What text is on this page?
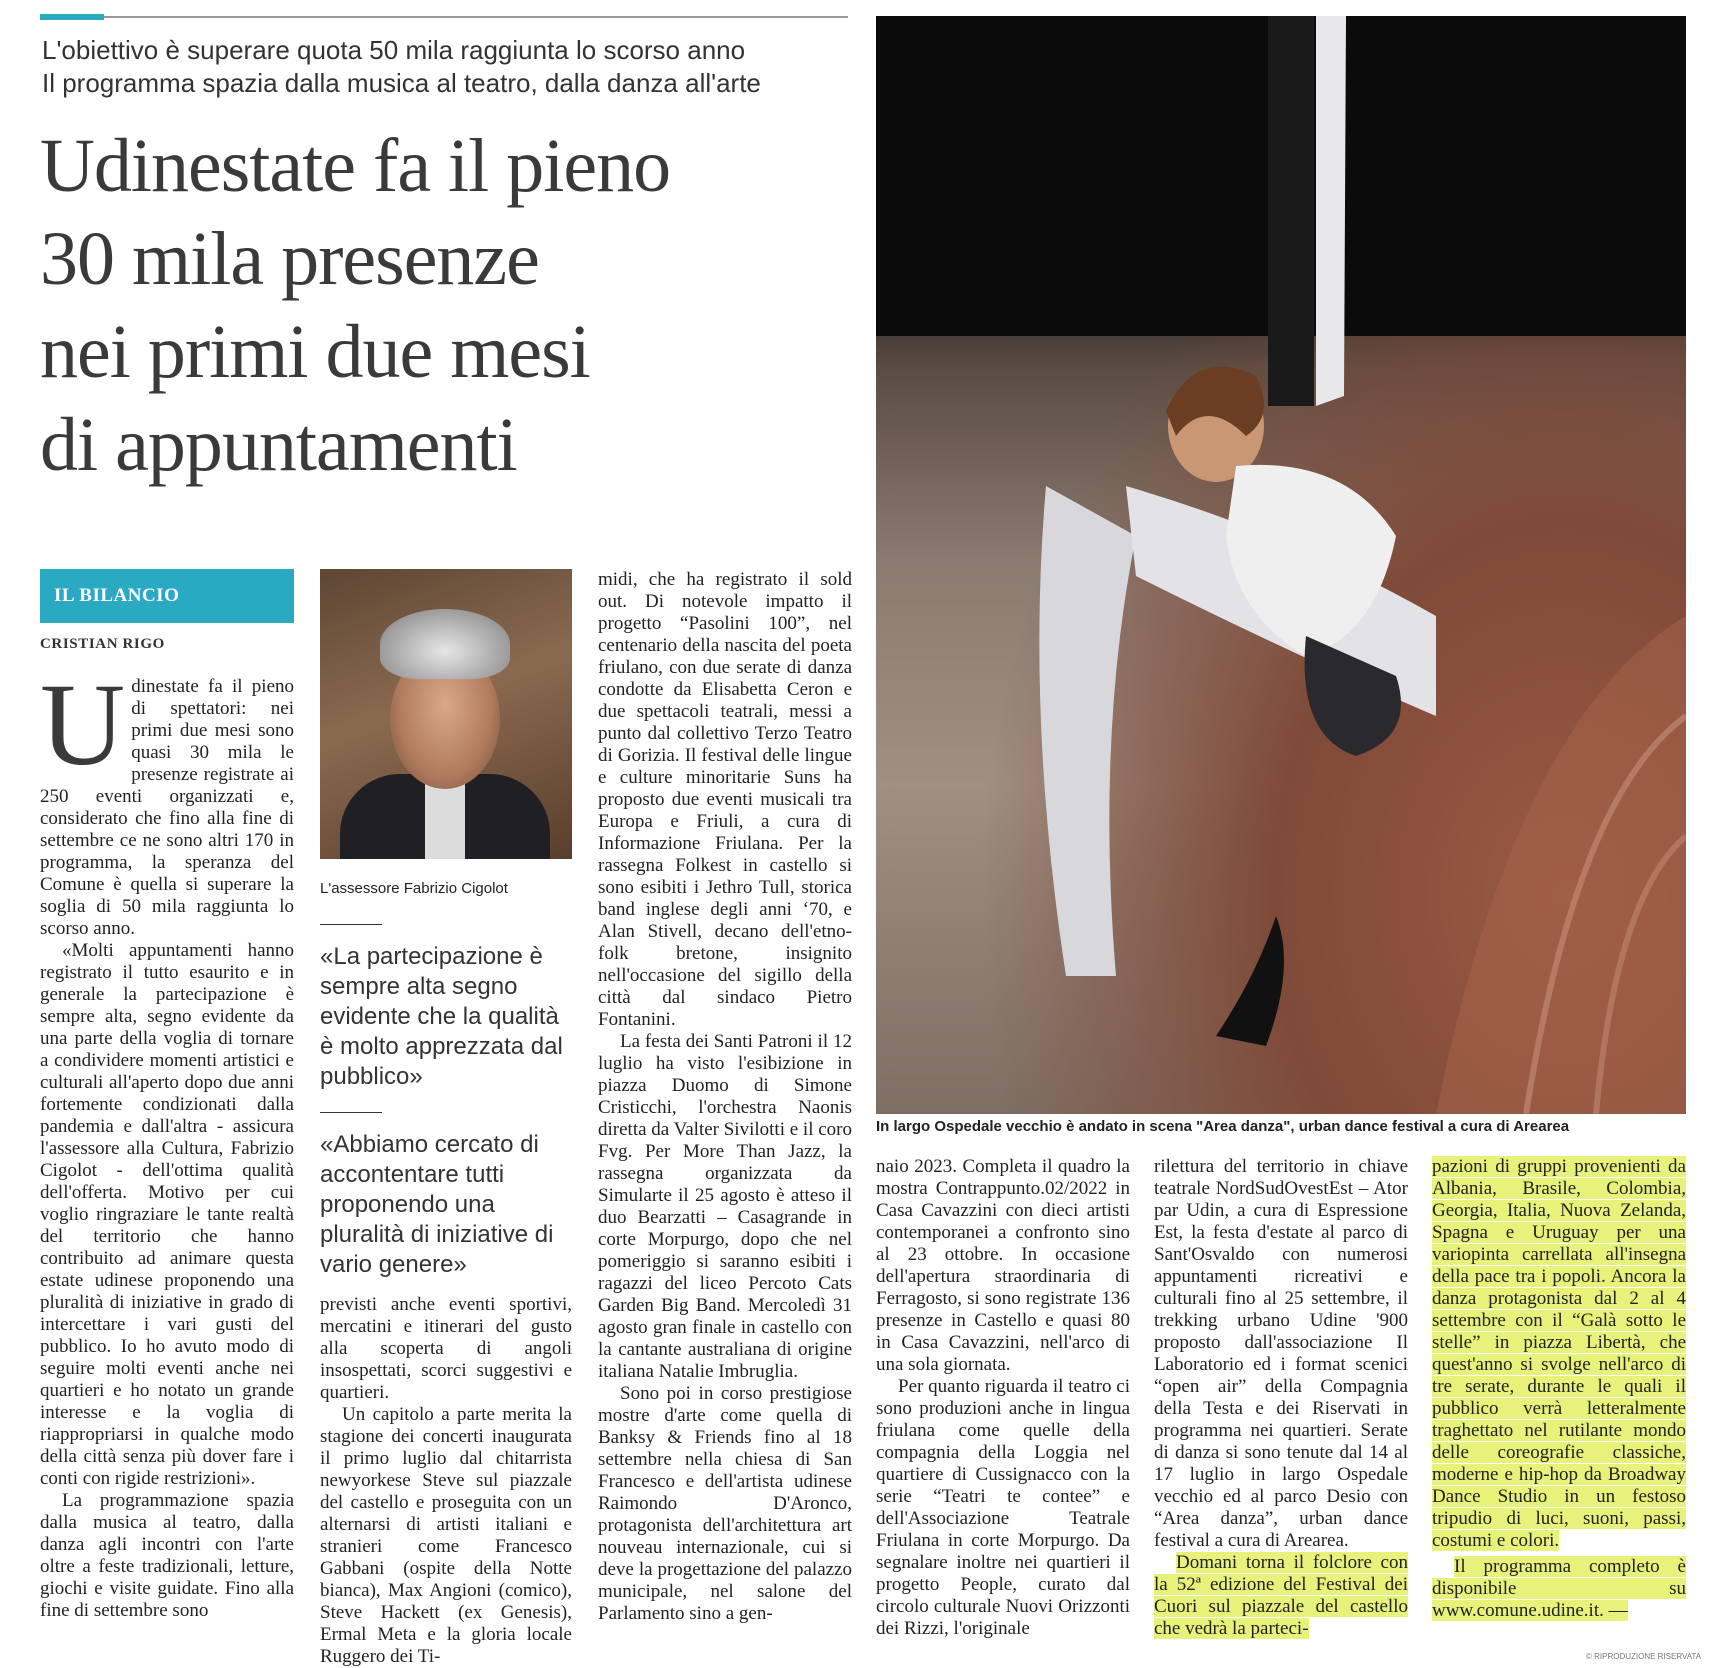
L'obiettivo è superare quota 50 mila raggiunta lo scorso anno
Il programma spazia dalla musica al teatro, dalla danza all'arte
Udinestate fa il pieno
30 mila presenze
nei primi due mesi
di appuntamenti
IL BILANCIO
CRISTIAN RIGO

Udinestate fa il pieno di spettatori: nei primi due mesi sono quasi 30 mila le presenze registrate ai 250 eventi organizzati e, considerato che fino alla fine di settembre ce ne sono altri 170 in programma, la speranza del Comune è quella si superare la soglia di 50 mila raggiunta lo scorso anno.

«Molti appuntamenti hanno registrato il tutto esaurito e in generale la partecipazione è sempre alta, segno evidente da una parte della voglia di tornare a condividere momenti artistici e culturali all'aperto dopo due anni fortemente condizionati dalla pandemia e dall'altra - assicura l'assessore alla Cultura, Fabrizio Cigolot - dell'ottima qualità dell'offerta. Motivo per cui voglio ringraziare le tante realtà del territorio che hanno contribuito ad animare questa estate udinese proponendo una pluralità di iniziative in grado di intercettare i vari gusti del pubblico. Io ho avuto modo di seguire molti eventi anche nei quartieri e ho notato un grande interesse e la voglia di riappropriarsi in qualche modo della città senza più dover fare i conti con rigide restrizioni».

La programmazione spazia dalla musica al teatro, dalla danza agli incontri con l'arte oltre a feste tradizionali, letture, giochi e visite guidate. Fino alla fine di settembre sono

L'assessore Fabrizio Cigolot
«La partecipazione è sempre alta segno evidente che la qualità è molto apprezzata dal pubblico»
«Abbiamo cercato di accontentare tutti proponendo una pluralità di iniziative di vario genere»

previsti anche eventi sportivi, mercatini e itinerari del gusto alla scoperta di angoli insospettati, scorci suggestivi e quartieri.

Un capitolo a parte merita la stagione dei concerti inaugurata il primo luglio dal chitarrista newyorkese Steve sul piazzale del castello e proseguita con un alternarsi di artisti italiani e stranieri come Francesco Gabbani (ospite della Notte bianca), Max Angioni (comico), Steve Hackett (ex Genesis), Ermal Meta e la gloria locale Ruggero dei Ti-

midi, che ha registrato il sold out. Di notevole impatto il progetto “Pasolini 100”, nel centenario della nascita del poeta friulano, con due serate di danza condotte da Elisabetta Ceron e due spettacoli teatrali, messi a punto dal collettivo Terzo Teatro di Gorizia. Il festival delle lingue e culture minoritarie Suns ha proposto due eventi musicali tra Europa e Friuli, a cura di Informazione Friulana. Per la rassegna Folkest in castello si sono esibiti i Jethro Tull, storica band inglese degli anni ‘70, e Alan Stivell, decano dell'etno-folk bretone, insignito nell'occasione del sigillo della città dal sindaco Pietro Fontanini.

La festa dei Santi Patroni il 12 luglio ha visto l'esibizione in piazza Duomo di Simone Cristicchi, l'orchestra Naonis diretta da Valter Sivilotti e il coro Fvg. Per More Than Jazz, la rassegna organizzata da Simularte il 25 agosto è atteso il duo Bearzatti – Casagrande in corte Morpurgo, dopo che nel pomeriggio si saranno esibiti i ragazzi del liceo Percoto Cats Garden Big Band. Mercoledì 31 agosto gran finale in castello con la cantante australiana di origine italiana Natalie Imbruglia.

Sono poi in corso prestigiose mostre d'arte come quella di Banksy & Friends fino al 18 settembre nella chiesa di San Francesco e dell'artista udinese Raimondo D'Aronco, protagonista dell'architettura art nouveau internazionale, cui si deve la progettazione del palazzo municipale, nel salone del Parlamento sino a gen-

In largo Ospedale vecchio è andato in scena "Area danza", urban dance festival a cura di Arearea

naio 2023. Completa il quadro la mostra Contrappunto.02/2022 in Casa Cavazzini con dieci artisti contemporanei a confronto sino al 23 ottobre. In occasione dell'apertura straordinaria di Ferragosto, si sono registrate 136 presenze in Castello e quasi 80 in Casa Cavazzini, nell'arco di una sola giornata.

Per quanto riguarda il teatro ci sono produzioni anche in lingua friulana come quelle della compagnia della Loggia nel quartiere di Cussignacco con la serie “Teatri te contee” e dell'Associazione Teatrale Friulana in corte Morpurgo. Da segnalare inoltre nei quartieri il progetto People, curato dal circolo culturale Nuovi Orizzonti dei Rizzi, l'originale

rilettura del territorio in chiave teatrale NordSudOvestEst – Ator par Udin, a cura di Espressione Est, la festa d'estate al parco di Sant'Osvaldo con numerosi appuntamenti ricreativi e culturali fino al 25 settembre, il trekking urbano Udine '900 proposto dall'associazione Il Laboratorio ed i format scenici “open air” della Compagnia della Testa e dei Riservati in programma nei quartieri. Serate di danza si sono tenute dal 14 al 17 luglio in largo Ospedale vecchio ed al parco Desio con “Area danza”, urban dance festival a cura di Arearea.

Domani torna il folclore con la 52ª edizione del Festival dei Cuori sul piazzale del castello che vedrà la parteci-

pazioni di gruppi provenienti da Albania, Brasile, Colombia, Georgia, Italia, Nuova Zelanda, Spagna e Uruguay per una variopinta carrellata all'insegna della pace tra i popoli. Ancora la danza protagonista dal 2 al 4 settembre con il “Galà sotto le stelle” in piazza Libertà, che quest'anno si svolge nell'arco di tre serate, durante le quali il pubblico verrà letteralmente traghettato nel rutilante mondo delle coreografie classiche, moderne e hip-hop da Broadway Dance Studio in un festoso tripudio di luci, suoni, passi, costumi e colori.

Il programma completo è disponibile su www.comune.udine.it. —

© RIPRODUZIONE RISERVATA
